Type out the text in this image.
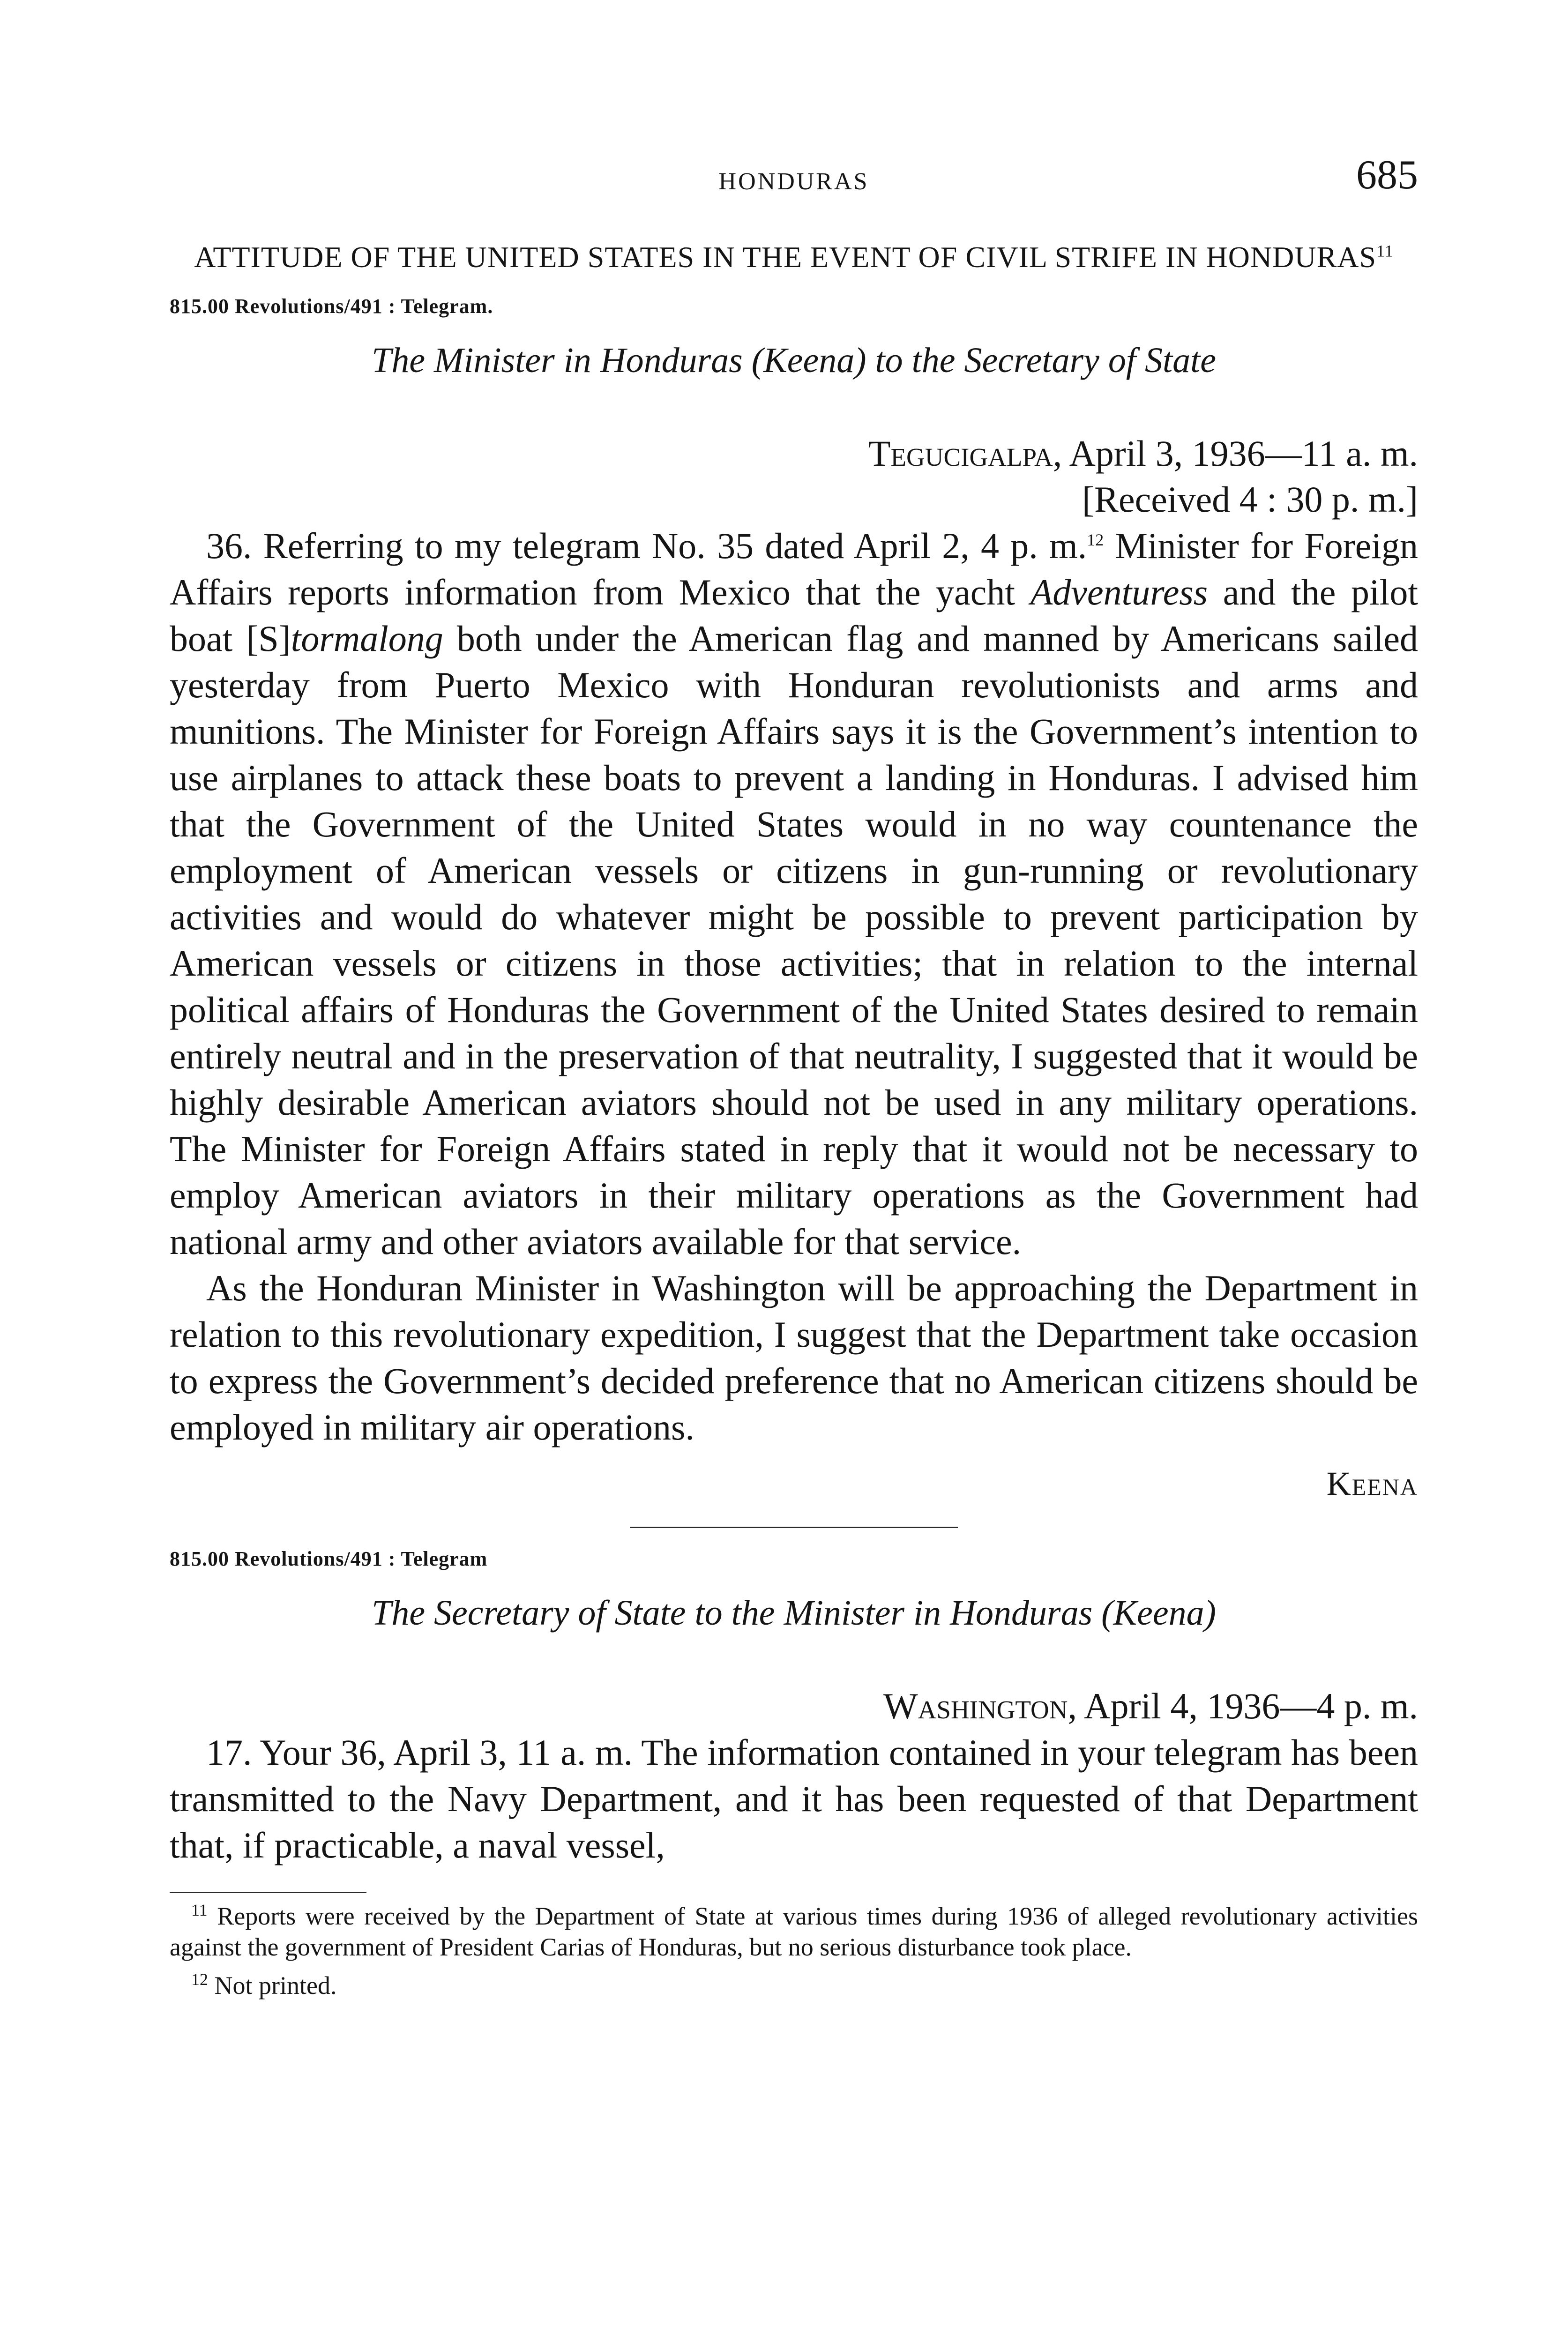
HONDURAS	685
ATTITUDE OF THE UNITED STATES IN THE EVENT OF CIVIL STRIFE IN HONDURAS$^{11}$
815.00 Revolutions/491 : Telegram.
The Minister in Honduras (Keena) to the Secretary of State
Tegucigalpa, April 3, 1936—11 a. m.
[Received 4 : 30 p. m.]

36. Referring to my telegram No. 35 dated April 2, 4 p. m.$^{12}$ Minister for Foreign Affairs reports information from Mexico that the yacht Adventuress and the pilot boat [S]tormalong both under the American flag and manned by Americans sailed yesterday from Puerto Mexico with Honduran revolutionists and arms and munitions. The Minister for Foreign Affairs says it is the Government’s intention to use airplanes to attack these boats to prevent a landing in Honduras. I advised him that the Government of the United States would in no way countenance the employment of American vessels or citizens in gun-running or revolutionary activities and would do whatever might be possible to prevent participation by American vessels or citizens in those activities; that in relation to the internal political affairs of Honduras the Government of the United States desired to remain entirely neutral and in the preservation of that neutrality, I suggested that it would be highly desirable American aviators should not be used in any military operations. The Minister for Foreign Affairs stated in reply that it would not be necessary to employ American aviators in their military operations as the Government had national army and other aviators available for that service.

As the Honduran Minister in Washington will be approaching the Department in relation to this revolutionary expedition, I suggest that the Department take occasion to express the Government’s decided preference that no American citizens should be employed in military air operations.

Keena
815.00 Revolutions/491 : Telegram
The Secretary of State to the Minister in Honduras (Keena)
Washington, April 4, 1936—4 p. m.

17. Your 36, April 3, 11 a. m. The information contained in your telegram has been transmitted to the Navy Department, and it has been requested of that Department that, if practicable, a naval vessel,

$^{11}$ Reports were received by the Department of State at various times during 1936 of alleged revolutionary activities against the government of President Carias of Honduras, but no serious disturbance took place.

$^{12}$ Not printed.
